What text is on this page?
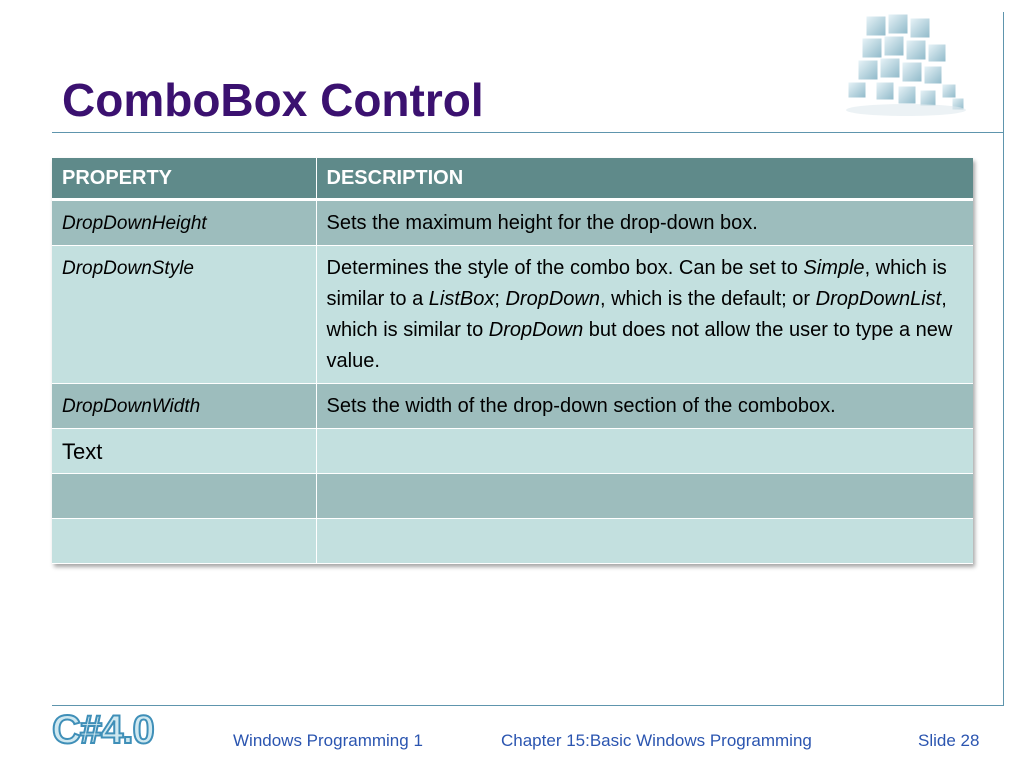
ComboBox Control
PROPERTY	DESCRIPTION
DropDownHeight	Sets the maximum height for the drop-down box.
DropDownStyle	Determines the style of the combo box. Can be set to Simple, which is similar to a ListBox; DropDown, which is the default; or DropDownList, which is similar to DropDown but does not allow the user to type a new value.
DropDownWidth	Sets the width of the drop-down section of the combobox.
Text	

C#4.0	Windows Programming 1	Chapter 15:Basic Windows Programming	Slide 28
